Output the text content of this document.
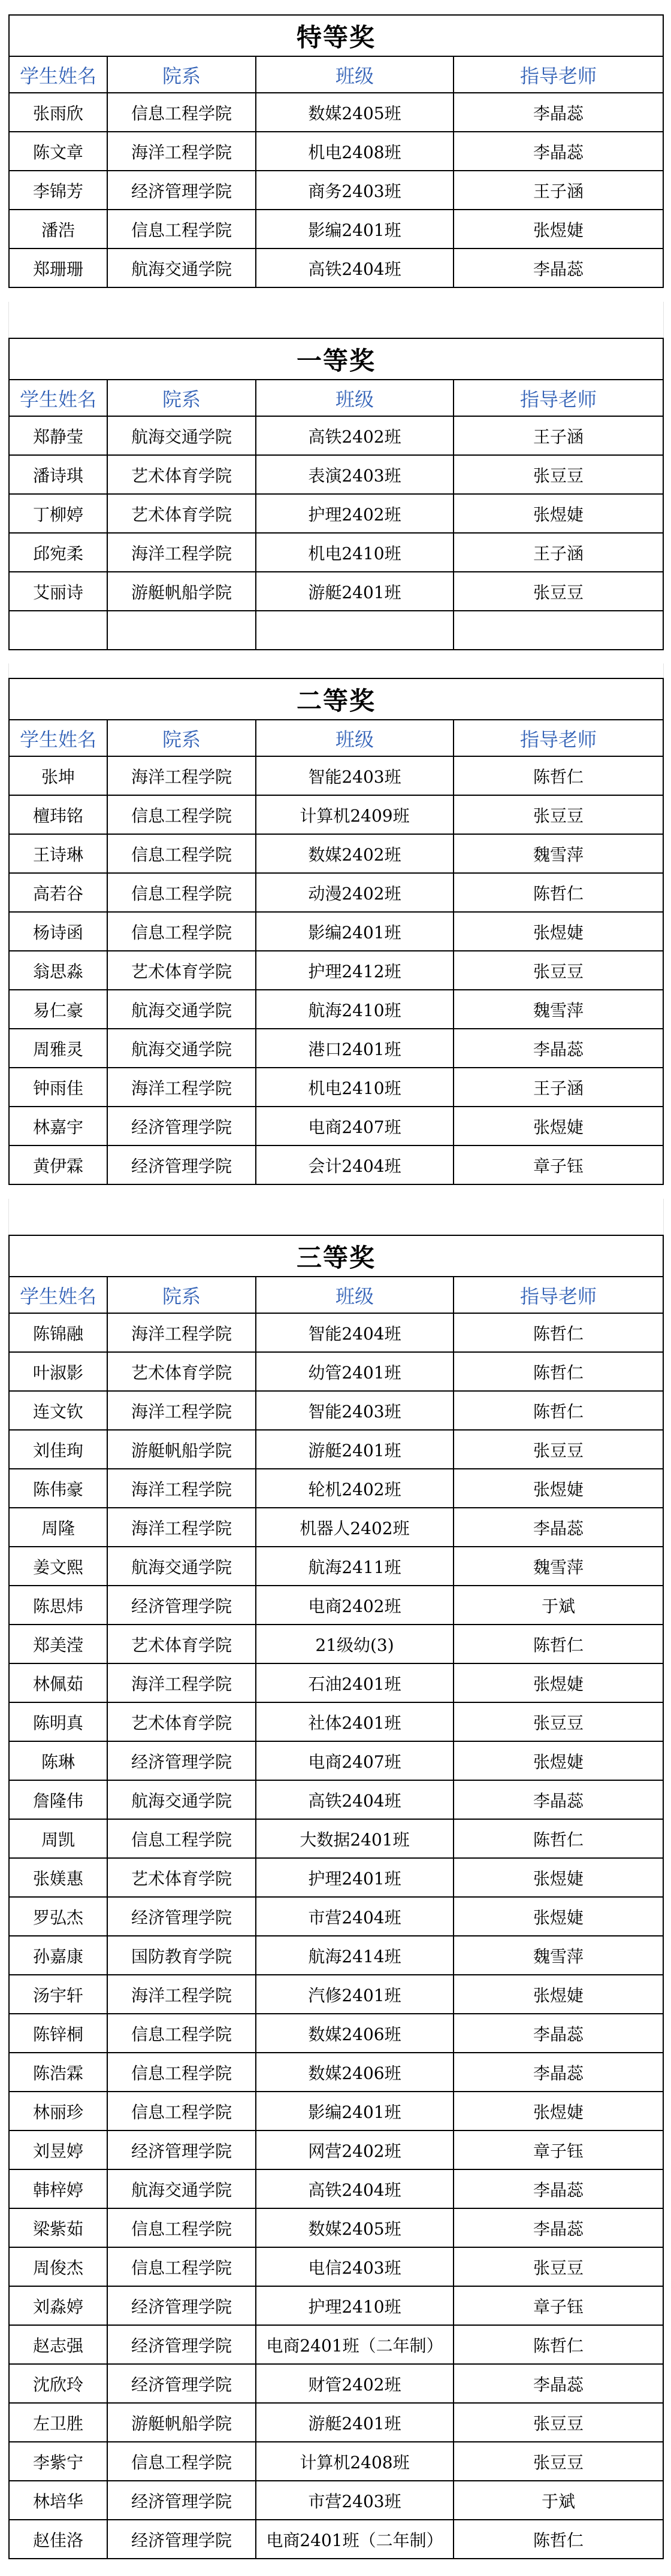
特等奖			
学生姓名	院系	班级	指导老师
张雨欣	信息工程学院	数媒2405班	李晶蕊
陈文章	海洋工程学院	机电2408班	李晶蕊
李锦芳	经济管理学院	商务2403班	王子涵
潘浩	信息工程学院	影编2401班	张煜婕
郑珊珊	航海交通学院	高铁2404班	李晶蕊
一等奖			
学生姓名	院系	班级	指导老师
郑静莹	航海交通学院	高铁2402班	王子涵
潘诗琪	艺术体育学院	表演2403班	张豆豆
丁柳婷	艺术体育学院	护理2402班	张煜婕
邱宛柔	海洋工程学院	机电2410班	王子涵
艾丽诗	游艇帆船学院	游艇2401班	张豆豆

二等奖			
学生姓名	院系	班级	指导老师
张坤	海洋工程学院	智能2403班	陈哲仁
檀玮铭	信息工程学院	计算机2409班	张豆豆
王诗琳	信息工程学院	数媒2402班	魏雪萍
高若谷	信息工程学院	动漫2402班	陈哲仁
杨诗函	信息工程学院	影编2401班	张煜婕
翁思淼	艺术体育学院	护理2412班	张豆豆
易仁豪	航海交通学院	航海2410班	魏雪萍
周雅灵	航海交通学院	港口2401班	李晶蕊
钟雨佳	海洋工程学院	机电2410班	王子涵
林嘉宇	经济管理学院	电商2407班	张煜婕
黄伊霖	经济管理学院	会计2404班	章子钰
三等奖			
学生姓名	院系	班级	指导老师
陈锦融	海洋工程学院	智能2404班	陈哲仁
叶淑影	艺术体育学院	幼管2401班	陈哲仁
连文钦	海洋工程学院	智能2403班	陈哲仁
刘佳珣	游艇帆船学院	游艇2401班	张豆豆
陈伟豪	海洋工程学院	轮机2402班	张煜婕
周隆	海洋工程学院	机器人2402班	李晶蕊
姜文熙	航海交通学院	航海2411班	魏雪萍
陈思炜	经济管理学院	电商2402班	于斌
郑美滢	艺术体育学院	21级幼(3)	陈哲仁
林佩茹	海洋工程学院	石油2401班	张煜婕
陈明真	艺术体育学院	社体2401班	张豆豆
陈琳	经济管理学院	电商2407班	张煜婕
詹隆伟	航海交通学院	高铁2404班	李晶蕊
周凯	信息工程学院	大数据2401班	陈哲仁
张媄惠	艺术体育学院	护理2401班	张煜婕
罗弘杰	经济管理学院	市营2404班	张煜婕
孙嘉康	国防教育学院	航海2414班	魏雪萍
汤宇轩	海洋工程学院	汽修2401班	张煜婕
陈锌桐	信息工程学院	数媒2406班	李晶蕊
陈浩霖	信息工程学院	数媒2406班	李晶蕊
林丽珍	信息工程学院	影编2401班	张煜婕
刘昱婷	经济管理学院	网营2402班	章子钰
韩梓婷	航海交通学院	高铁2404班	李晶蕊
梁紫茹	信息工程学院	数媒2405班	李晶蕊
周俊杰	信息工程学院	电信2403班	张豆豆
刘淼婷	经济管理学院	护理2410班	章子钰
赵志强	经济管理学院	电商2401班（二年制）	陈哲仁
沈欣玲	经济管理学院	财管2402班	李晶蕊
左卫胜	游艇帆船学院	游艇2401班	张豆豆
李紫宁	信息工程学院	计算机2408班	张豆豆
林培华	经济管理学院	市营2403班	于斌
赵佳洛	经济管理学院	电商2401班（二年制）	陈哲仁
